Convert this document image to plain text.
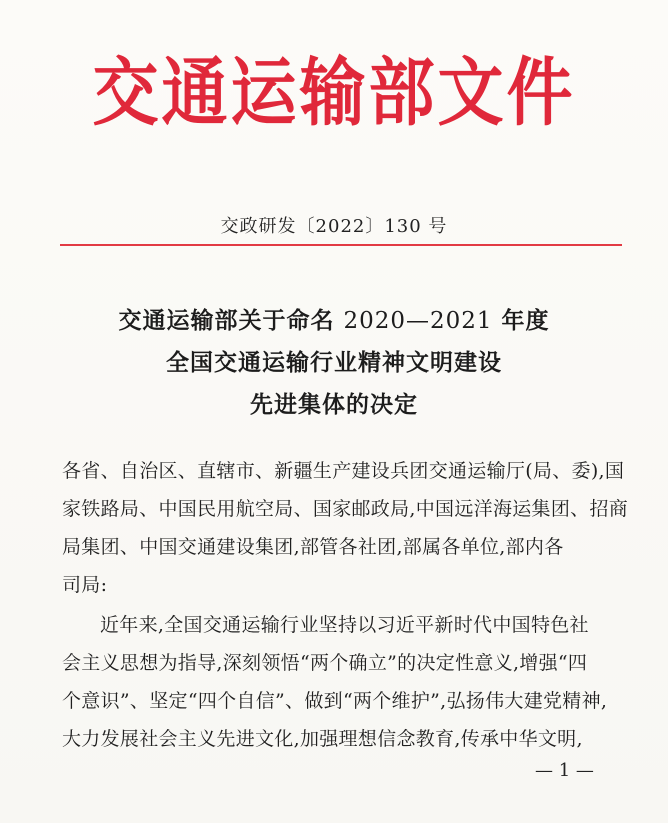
交通运输部文件
交政研发〔2022〕130 号
交通运输部关于命名 2020—2021 年度
全国交通运输行业精神文明建设
先进集体的决定
各省、自治区、直辖市、新疆生产建设兵团交通运输厅(局、委),国
家铁路局、中国民用航空局、国家邮政局,中国远洋海运集团、招商
局集团、中国交通建设集团,部管各社团,部属各单位,部内各
司局:
近年来,全国交通运输行业坚持以习近平新时代中国特色社
会主义思想为指导,深刻领悟“两个确立”的决定性意义,增强“四
个意识”、坚定“四个自信”、做到“两个维护”,弘扬伟大建党精神,
大力发展社会主义先进文化,加强理想信念教育,传承中华文明,
— 1 —
